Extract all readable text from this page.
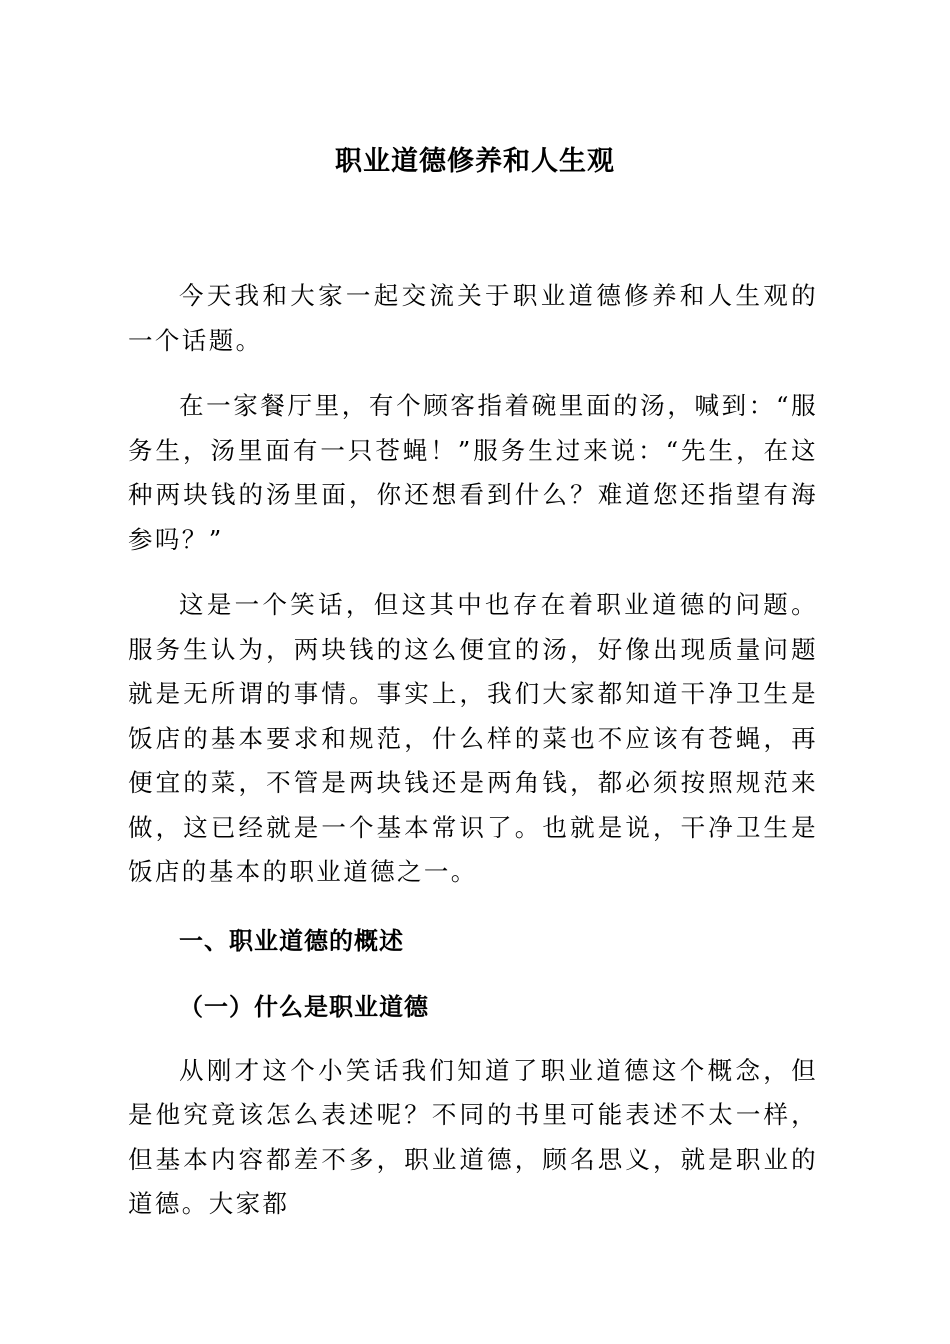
职业道德修养和人生观

今天我和大家一起交流关于职业道德修养和人生观的一个话题。

在一家餐厅里，有个顾客指着碗里面的汤，喊到：“服务生，汤里面有一只苍蝇！”服务生过来说：“先生，在这种两块钱的汤里面，你还想看到什么？难道您还指望有海参吗？”

这是一个笑话，但这其中也存在着职业道德的问题。服务生认为，两块钱的这么便宜的汤，好像出现质量问题就是无所谓的事情。事实上，我们大家都知道干净卫生是饭店的基本要求和规范，什么样的菜也不应该有苍蝇，再便宜的菜，不管是两块钱还是两角钱，都必须按照规范来做，这已经就是一个基本常识了。也就是说，干净卫生是饭店的基本的职业道德之一。

一、职业道德的概述
（一）什么是职业道德

从刚才这个小笑话我们知道了职业道德这个概念，但是他究竟该怎么表述呢？不同的书里可能表述不太一样，但基本内容都差不多，职业道德，顾名思义，就是职业的道德。大家都
